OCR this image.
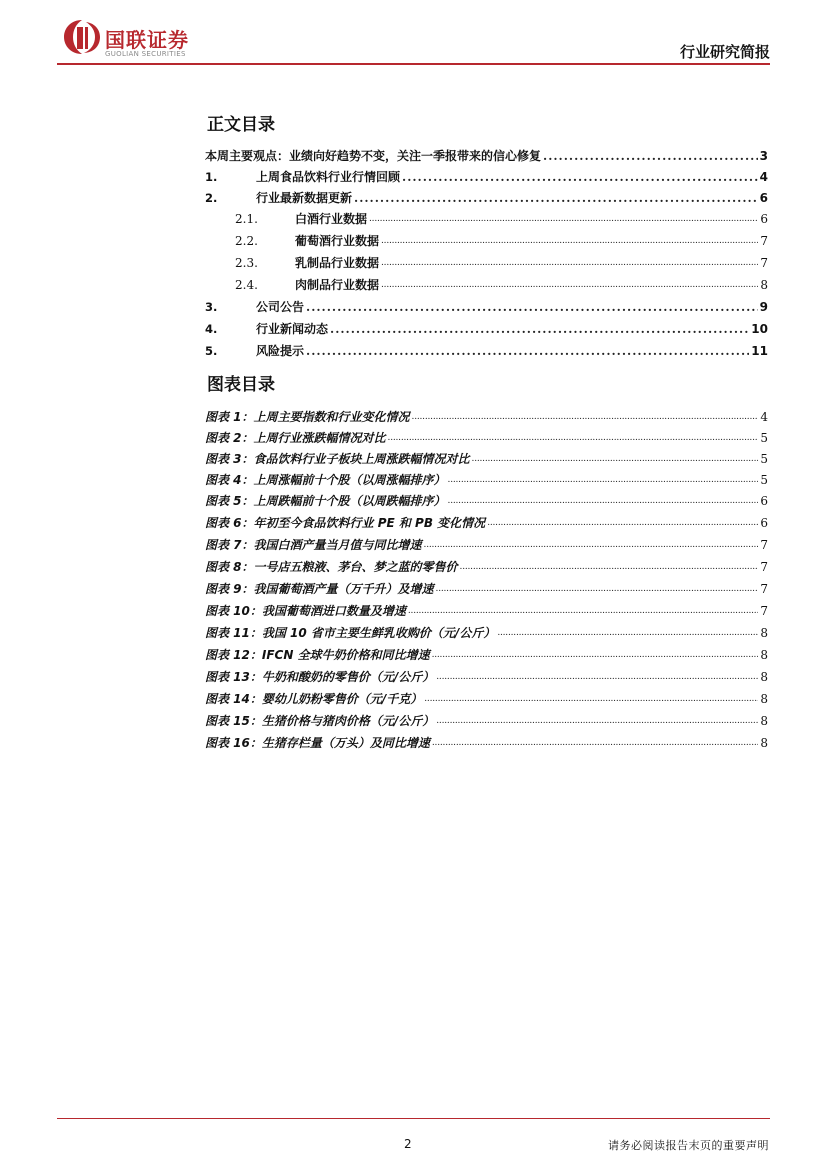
国联证券
GUOLIAN SECURITIES	行业研究简报
正文目录
本周主要观点：业绩向好趋势不变，关注一季报带来的信心修复 .....	3
1.	上周食品饮料行业行情回顾 .....	4
2.	行业最新数据更新 .....	6
2.1.	白酒行业数据 .....	6
2.2.	葡萄酒行业数据 .....	7
2.3.	乳制品行业数据 .....	7
2.4.	肉制品行业数据 .....	8
3.	公司公告 .....	9
4.	行业新闻动态 .....	10
5.	风险提示 .....	11
图表目录
图表 1：上周主要指数和行业变化情况 .....	4
图表 2：上周行业涨跌幅情况对比 .....	5
图表 3：食品饮料行业子板块上周涨跌幅情况对比 .....	5
图表 4：上周涨幅前十个股（以周涨幅排序） .....	5
图表 5：上周跌幅前十个股（以周跌幅排序） .....	6
图表 6：年初至今食品饮料行业 PE 和 PB 变化情况 .....	6
图表 7：我国白酒产量当月值与同比增速 .....	7
图表 8：一号店五粮液、茅台、梦之蓝的零售价 .....	7
图表 9：我国葡萄酒产量（万千升）及增速 .....	7
图表 10：我国葡萄酒进口数量及增速 .....	7
图表 11：我国 10 省市主要生鲜乳收购价（元/公斤） .....	8
图表 12：IFCN 全球牛奶价格和同比增速 .....	8
图表 13：牛奶和酸奶的零售价（元/公斤） .....	8
图表 14：婴幼儿奶粉零售价（元/千克） .....	8
图表 15：生猪价格与猪肉价格（元/公斤） .....	8
图表 16：生猪存栏量（万头）及同比增速 .....	8
2	请务必阅读报告末页的重要声明
